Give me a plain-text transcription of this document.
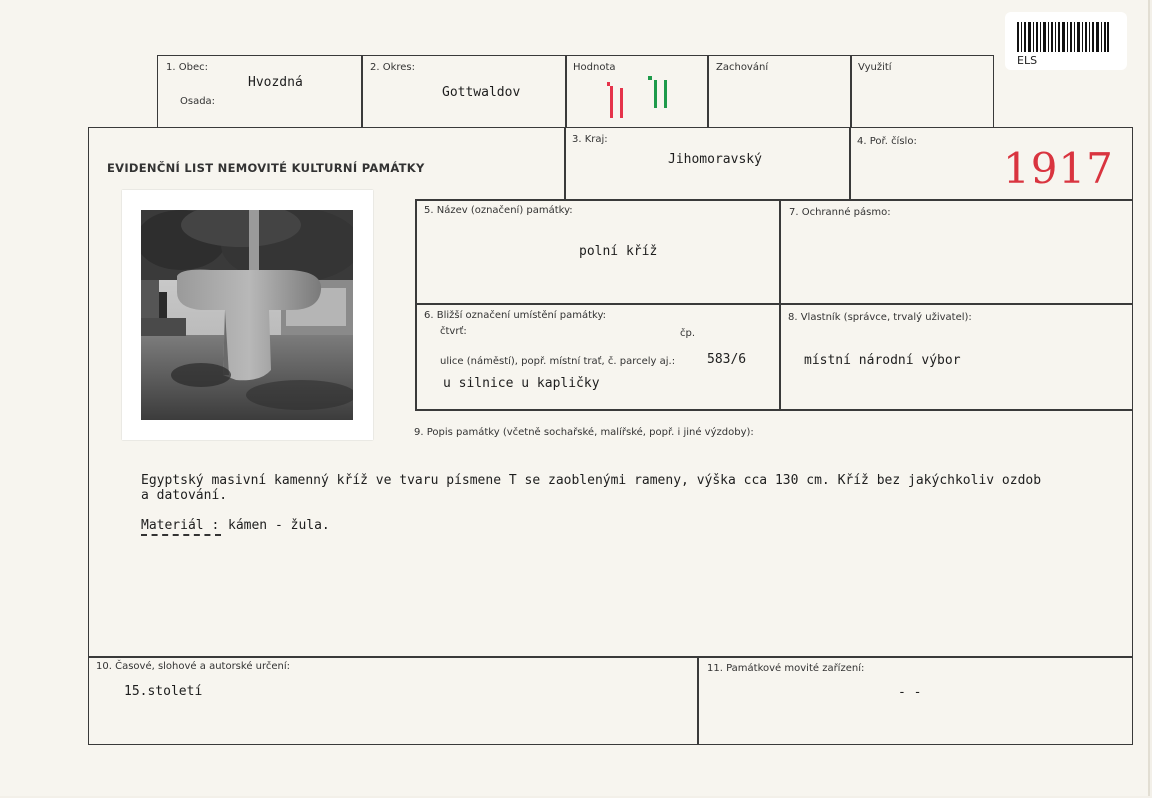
ELS
1. Obec:
Hvozdná
Osada:
2. Okres:
Gottwaldov
Hodnota	Zachování	Využití
3. Kraj:
Jihomoravský
4. Poř. číslo:
1917
EVIDENČNÍ LIST NEMOVITÉ KULTURNÍ PAMÁTKY
5. Název (označení) památky:
polní kříž
7. Ochranné pásmo:
6. Bližší označení umístění památky:
čtvrť:	čp.
ulice (náměstí), popř. místní trať, č. parcely aj.: 583/6
u silnice u kapličky
8. Vlastník (správce, trvalý uživatel):
místní národní výbor
9. Popis památky (včetně sochařské, malířské, popř. i jiné výzdoby):
Egyptský masivní kamenný kříž ve tvaru písmene T se zaoblenými rameny, výška cca 130 cm. Kříž bez jakýchkoliv ozdob
a datování.
Materiál : kámen - žula.
10. Časové, slohové a autorské určení:
15.století
11. Památkové movité zařízení:
- -
